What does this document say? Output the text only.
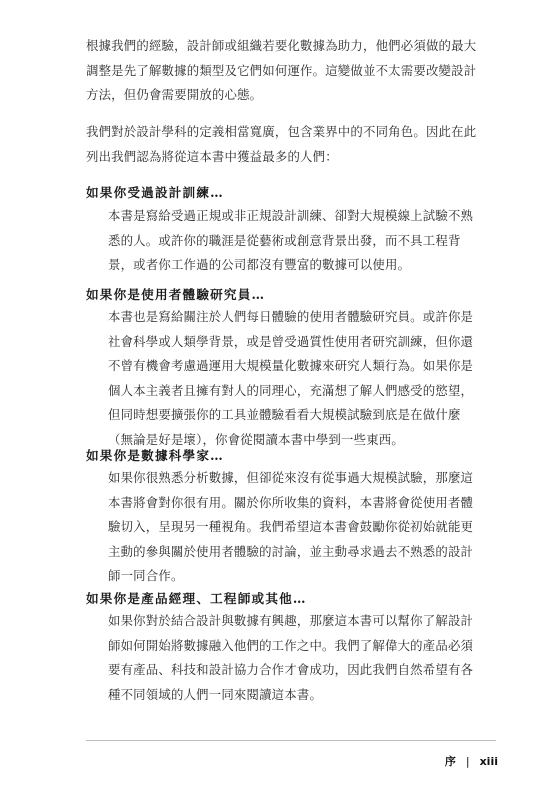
根據我們的經驗，設計師或組織若要化數據為助力，他們必須做的最大調整是先了解數據的類型及它們如何運作。這變做並不太需要改變設計方法，但仍會需要開放的心態。

我們對於設計學科的定義相當寬廣，包含業界中的不同角色。因此在此列出我們認為將從這本書中獲益最多的人們：

如果你受過設計訓練…

本書是寫給受過正規或非正規設計訓練、卻對大規模線上試驗不熟悉的人。或許你的職涯是從藝術或創意背景出發，而不具工程背景，或者你工作過的公司都沒有豐富的數據可以使用。

如果你是使用者體驗研究員…

本書也是寫給關注於人們每日體驗的使用者體驗研究員。或許你是社會科學或人類學背景，或是曾受過質性使用者研究訓練，但你還不曾有機會考慮過運用大規模量化數據來研究人類行為。如果你是個人本主義者且擁有對人的同理心，充滿想了解人們感受的慾望，但同時想要擴張你的工具並體驗看看大規模試驗到底是在做什麼（無論是好是壞），你會從閱讀本書中學到一些東西。

如果你是數據科學家…

如果你很熟悉分析數據，但卻從來沒有從事過大規模試驗，那麼這本書將會對你很有用。關於你所收集的資料，本書將會從使用者體驗切入，呈現另一種視角。我們希望這本書會鼓勵你從初始就能更主動的參與關於使用者體驗的討論，並主動尋求過去不熟悉的設計師一同合作。

如果你是產品經理、工程師或其他…

如果你對於結合設計與數據有興趣，那麼這本書可以幫你了解設計師如何開始將數據融入他們的工作之中。我們了解偉大的產品必須要有產品、科技和設計協力合作才會成功，因此我們自然希望有各種不同領域的人們一同來閱讀這本書。

序 | xiii
